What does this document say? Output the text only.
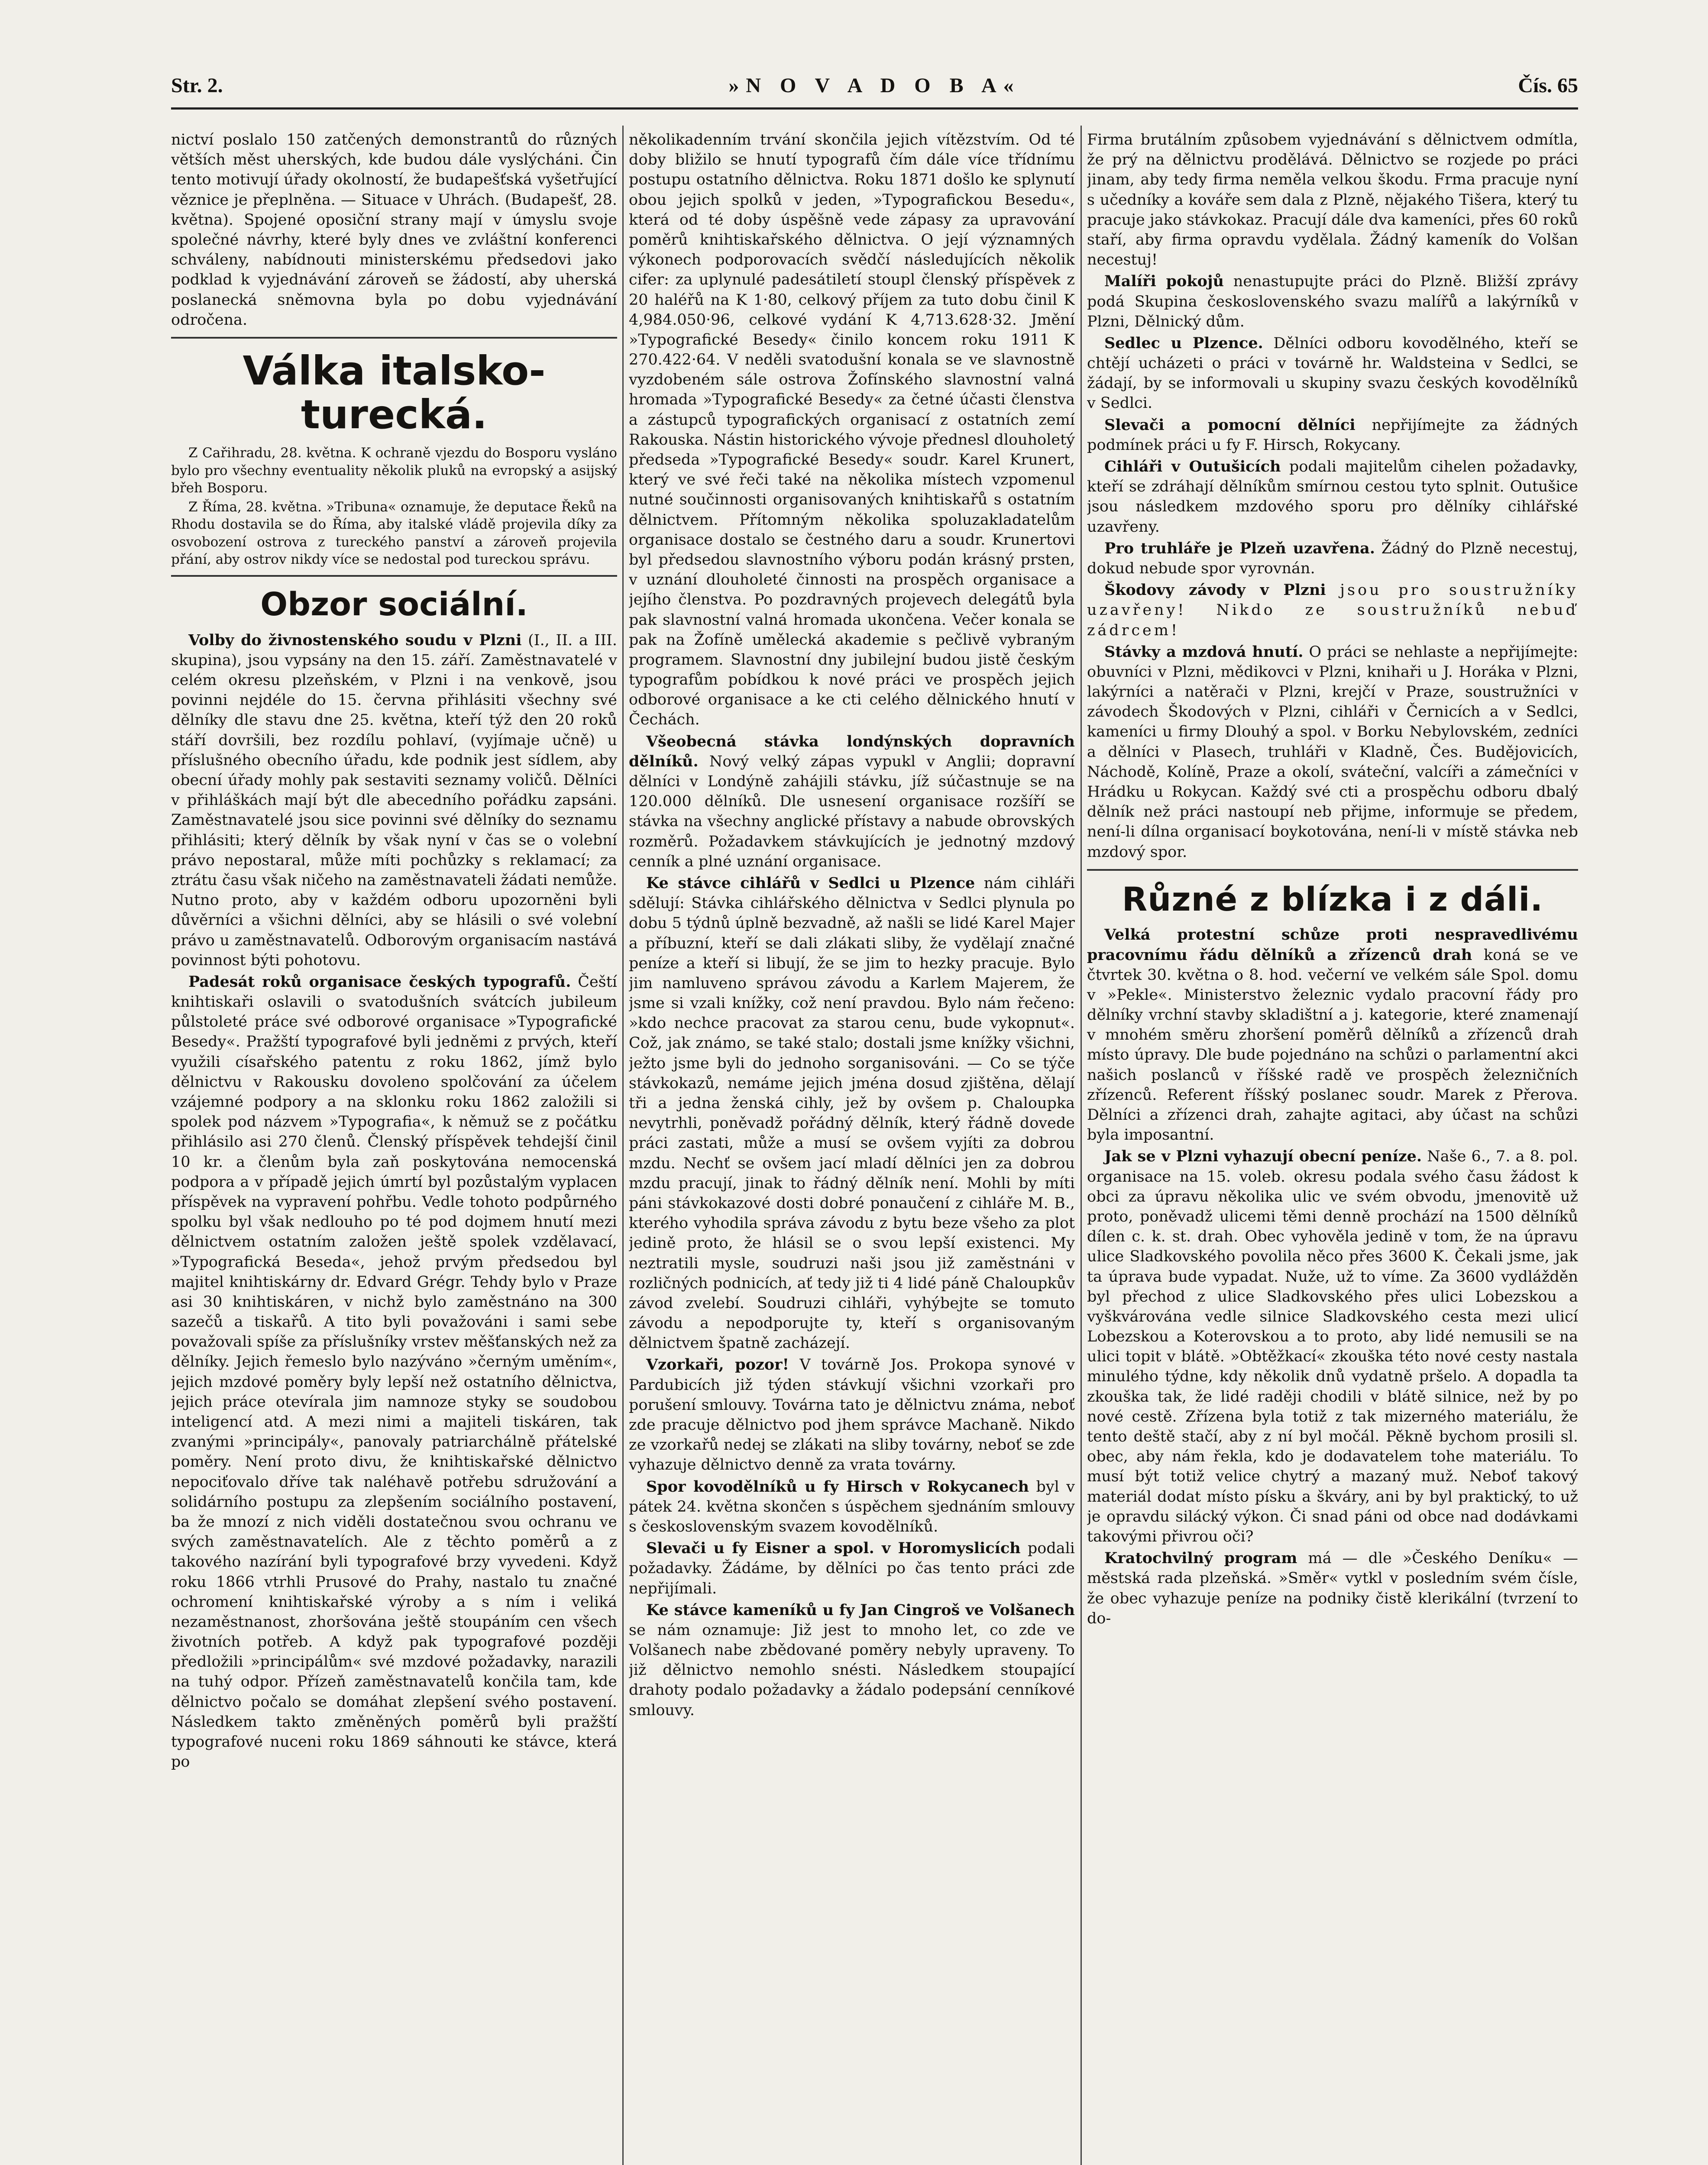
Str. 2.	»N O V A D O B A«	Čís. 65

nictví poslalo 150 zatčených demonstrantů do různých větších měst uherských, kde budou dále vyslýcháni. Čin tento motivují úřady okolností, že budapešťská vyšetřující věznice je přeplněna. — Situace v Uhrách. (Budapešť, 28. května). Spojené oposiční strany mají v úmyslu svoje společné návrhy, které byly dnes ve zvláštní konferenci schváleny, nabídnouti ministerskému předsedovi jako podklad k vyjednávání zároveň se žádostí, aby uherská poslanecká sněmovna byla po dobu vyjednávání odročena.

Válka italsko-turecká.

Z Cařihradu, 28. května. K ochraně vjezdu do Bosporu vysláno bylo pro všechny eventuality několik pluků na evropský a asijský břeh Bosporu.

Z Říma, 28. května. »Tribuna« oznamuje, že deputace Řeků na Rhodu dostavila se do Říma, aby italské vládě projevila díky za osvobození ostrova z tureckého panství a zároveň projevila přání, aby ostrov nikdy více se nedostal pod tureckou správu.

Obzor sociální.

Volby do živnostenského soudu v Plzni (I., II. a III. skupina), jsou vypsány na den 15. září. Zaměstnavatelé v celém okresu plzeňském, v Plzni i na venkově, jsou povinni nejdéle do 15. června přihlásiti všechny své dělníky dle stavu dne 25. května, kteří týž den 20 roků stáří dovršili, bez rozdílu pohlaví, (vyjímaje učně) u příslušného obecního úřadu, kde podnik jest sídlem, aby obecní úřady mohly pak sestaviti seznamy voličů. Dělníci v přihláškách mají být dle abecedního pořádku zapsáni. Zaměstnavatelé jsou sice povinni své dělníky do seznamu přihlásiti; který dělník by však nyní v čas se o volební právo nepostaral, může míti pochůzky s reklamací; za ztrátu času však ničeho na zaměstnavateli žádati nemůže. Nutno proto, aby v každém odboru upozorněni byli důvěrníci a všichni dělníci, aby se hlásili o své volební právo u zaměstnavatelů. Odborovým organisacím nastává povinnost býti pohotovu.

Padesát roků organisace českých typografů. Čeští knihtiskaři oslavili o svatodušních svátcích jubileum půlstoleté práce své odborové organisace »Typografické Besedy«. Pražští typografové byli jedněmi z prvých, kteří využili císařského patentu z roku 1862, jímž bylo dělnictvu v Rakousku dovoleno spolčování za účelem vzájemné podpory a na sklonku roku 1862 založili si spolek pod názvem »Typografia«, k němuž se z počátku přihlásilo asi 270 členů. Členský příspěvek tehdejší činil 10 kr. a členům byla zaň poskytována nemocenská podpora a v případě jejich úmrtí byl pozůstalým vyplacen příspěvek na vypravení pohřbu. Vedle tohoto podpůrného spolku byl však nedlouho po té pod dojmem hnutí mezi dělnictvem ostatním založen ještě spolek vzdělavací, »Typografická Beseda«, jehož prvým předsedou byl majitel knihtiskárny dr. Edvard Grégr. Tehdy bylo v Praze asi 30 knihtiskáren, v nichž bylo zaměstnáno na 300 sazečů a tiskařů. A tito byli považováni i sami sebe považovali spíše za příslušníky vrstev měšťanských než za dělníky. Jejich řemeslo bylo nazýváno »černým uměním«, jejich mzdové poměry byly lepší než ostatního dělnictva, jejich práce otevírala jim namnoze styky se soudobou inteligencí atd. A mezi nimi a majiteli tiskáren, tak zvanými »principály«, panovaly patriarchálně přátelské poměry. Není proto divu, že knihtiskařské dělnictvo nepociťovalo dříve tak naléhavě potřebu sdružování a solidárního postupu za zlepšením sociálního postavení, ba že mnozí z nich viděli dostatečnou svou ochranu ve svých zaměstnavatelích. Ale z těchto poměrů a z takového nazírání byli typografové brzy vyvedeni. Když roku 1866 vtrhli Prusové do Prahy, nastalo tu značné ochromení knihtiskařské výroby a s ním i veliká nezaměstnanost, zhoršována ještě stoupáním cen všech životních potřeb. A když pak typografové později předložili »principálům« své mzdové požadavky, narazili na tuhý odpor. Přízeň zaměstnavatelů končila tam, kde dělnictvo počalo se domáhat zlepšení svého postavení. Následkem takto změněných poměrů byli pražští typografové nuceni roku 1869 sáhnouti ke stávce, která po

několikadenním trvání skončila jejich vítězstvím. Od té doby bližilo se hnutí typografů čím dále více třídnímu postupu ostatního dělnictva. Roku 1871 došlo ke splynutí obou jejich spolků v jeden, »Typografickou Besedu«, která od té doby úspěšně vede zápasy za upravování poměrů knihtiskařského dělnictva. O její významných výkonech podporovacích svědčí následujících několik cifer: za uplynulé padesátiletí stoupl členský příspěvek z 20 haléřů na K 1·80, celkový příjem za tuto dobu činil K 4,984.050·96, celkové vydání K 4,713.628·32. Jmění »Typografické Besedy« činilo koncem roku 1911 K 270.422·64. V neděli svatodušní konala se ve slavnostně vyzdobeném sále ostrova Žofínského slavnostní valná hromada »Typografické Besedy« za četné účasti členstva a zástupců typografických organisací z ostatních zemí Rakouska. Nástin historického vývoje přednesl dlouholetý předseda »Typografické Besedy« soudr. Karel Krunert, který ve své řeči také na několika místech vzpomenul nutné součinnosti organisovaných knihtiskařů s ostatním dělnictvem. Přítomným několika spoluzakladatelům organisace dostalo se čestného daru a soudr. Krunertovi byl předsedou slavnostního výboru podán krásný prsten, v uznání dlouholeté činnosti na prospěch organisace a jejího členstva. Po pozdravných projevech delegátů byla pak slavnostní valná hromada ukončena. Večer konala se pak na Žofíně umělecká akademie s pečlivě vybraným programem. Slavnostní dny jubilejní budou jistě českým typografům pobídkou k nové práci ve prospěch jejich odborové organisace a ke cti celého dělnického hnutí v Čechách.

Všeobecná stávka londýnských dopravních dělníků. Nový velký zápas vypukl v Anglii; dopravní dělníci v Londýně zahájili stávku, jíž súčastnuje se na 120.000 dělníků. Dle usnesení organisace rozšíří se stávka na všechny anglické přístavy a nabude obrovských rozměrů. Požadavkem stávkujících je jednotný mzdový cenník a plné uznání organisace.

Ke stávce cihlářů v Sedlci u Plzence nám cihláři sdělují: Stávka cihlářského dělnictva v Sedlci plynula po dobu 5 týdnů úplně bezvadně, až našli se lidé Karel Majer a příbuzní, kteří se dali zlákati sliby, že vydělají značné peníze a kteří si libují, že se jim to hezky pracuje. Bylo jim namluveno správou závodu a Karlem Majerem, že jsme si vzali knížky, což není pravdou. Bylo nám řečeno: »kdo nechce pracovat za starou cenu, bude vykopnut«. Což, jak známo, se také stalo; dostali jsme knížky všichni, ježto jsme byli do jednoho sorganisováni. — Co se týče stávkokazů, nemáme jejich jména dosud zjištěna, dělají tři a jedna ženská cihly, jež by ovšem p. Chaloupka nevytrhli, poněvadž pořádný dělník, který řádně dovede práci zastati, může a musí se ovšem vyjíti za dobrou mzdu. Nechť se ovšem jací mladí dělníci jen za dobrou mzdu pracují, jinak to řádný dělník není. Mohli by míti páni stávkokazové dosti dobré ponaučení z cihláře M. B., kterého vyhodila správa závodu z bytu beze všeho za plot jedině proto, že hlásil se o svou lepší existenci. My neztratili mysle, soudruzi naši jsou již zaměstnáni v rozličných podnicích, ať tedy již ti 4 lidé páně Chaloupkův závod zvelebí. Soudruzi cihláři, vyhýbejte se tomuto závodu a nepodporujte ty, kteří s organisovaným dělnictvem špatně zacházejí.

Vzorkaři, pozor! V továrně Jos. Prokopa synové v Pardubicích již týden stávkují všichni vzorkaři pro porušení smlouvy. Továrna tato je dělnictvu známa, neboť zde pracuje dělnictvo pod jhem správce Machaně. Nikdo ze vzorkařů nedej se zlákati na sliby továrny, neboť se zde vyhazuje dělnictvo denně za vrata továrny.

Spor kovodělníků u fy Hirsch v Rokycanech byl v pátek 24. května skončen s úspěchem sjednáním smlouvy s československým svazem kovodělníků.

Slevači u fy Eisner a spol. v Horomyslicích podali požadavky. Žádáme, by dělníci po čas tento práci zde nepřijímali.

Ke stávce kameníků u fy Jan Cingroš ve Volšanech se nám oznamuje: Již jest to mnoho let, co zde ve Volšanech nabe zbědované poměry nebyly upraveny. To již dělnictvo nemohlo snésti. Následkem stoupající drahoty podalo požadavky a žádalo podepsání cenníkové smlouvy.

Firma brutálním způsobem vyjednávání s dělnictvem odmítla, že prý na dělnictvu prodělává. Dělnictvo se rozjede po práci jinam, aby tedy firma neměla velkou škodu. Frma pracuje nyní s učedníky a kováře sem dala z Plzně, nějakého Tišera, který tu pracuje jako stávkokaz. Pracují dále dva kameníci, přes 60 roků staří, aby firma opravdu vydělala. Žádný kameník do Volšan necestuj!

Malíři pokojů nenastupujte práci do Plzně. Bližší zprávy podá Skupina československého svazu malířů a lakýrníků v Plzni, Dělnický dům.

Sedlec u Plzence. Dělníci odboru kovodělného, kteří se chtějí ucházeti o práci v továrně hr. Waldsteina v Sedlci, se žádají, by se informovali u skupiny svazu českých kovodělníků v Sedlci.

Slevači a pomocní dělníci nepřijímejte za žádných podmínek práci u fy F. Hirsch, Rokycany.

Cihláři v Outušicích podali majitelům cihelen požadavky, kteří se zdráhají dělníkům smírnou cestou tyto splnit. Outušice jsou následkem mzdového sporu pro dělníky cihlářské uzavřeny.

Pro truhláře je Plzeň uzavřena. Žádný do Plzně necestuj, dokud nebude spor vyrovnán.

Škodovy závody v Plzni jsou pro soustružníky uzavřeny! Nikdo ze soustružníků nebuď zádrcem!

Stávky a mzdová hnutí. O práci se nehlaste a nepřijímejte: obuvníci v Plzni, mědikovci v Plzni, knihaři u J. Horáka v Plzni, lakýrníci a natěrači v Plzni, krejčí v Praze, soustružníci v závodech Škodových v Plzni, cihláři v Černicích a v Sedlci, kameníci u firmy Dlouhý a spol. v Borku Nebylovském, zedníci a dělníci v Plasech, truhláři v Kladně, Čes. Budějovicích, Náchodě, Kolíně, Praze a okolí, sváteční, valcíři a zámečníci v Hrádku u Rokycan. Každý své cti a prospěchu odboru dbalý dělník než práci nastoupí neb přijme, informuje se předem, není-li dílna organisací boykotována, není-li v místě stávka neb mzdový spor.

Různé z blízka i z dáli.

Velká protestní schůze proti nespravedlivému pracovnímu řádu dělníků a zřízenců drah koná se ve čtvrtek 30. května o 8. hod. večerní ve velkém sále Spol. domu v »Pekle«. Ministerstvo železnic vydalo pracovní řády pro dělníky vrchní stavby skladištní a j. kategorie, které znamenají v mnohém směru zhoršení poměrů dělníků a zřízenců drah místo úpravy. Dle bude pojednáno na schůzi o parlamentní akci našich poslanců v říšské radě ve prospěch železničních zřízenců. Referent říšský poslanec soudr. Marek z Přerova. Dělníci a zřízenci drah, zahajte agitaci, aby účast na schůzi byla imposantní.

Jak se v Plzni vyhazují obecní peníze. Naše 6., 7. a 8. pol. organisace na 15. voleb. okresu podala svého času žádost k obci za úpravu několika ulic ve svém obvodu, jmenovitě už proto, poněvadž ulicemi těmi denně prochází na 1500 dělníků dílen c. k. st. drah. Obec vyhověla jedině v tom, že na úpravu ulice Sladkovského povolila něco přes 3600 K. Čekali jsme, jak ta úprava bude vypadat. Nuže, už to víme. Za 3600 vydlážděn byl přechod z ulice Sladkovského přes ulici Lobezskou a vyškvárována vedle silnice Sladkovského cesta mezi ulicí Lobezskou a Koterovskou a to proto, aby lidé nemusili se na ulici topit v blátě. »Obtěžkací« zkouška této nové cesty nastala minulého týdne, kdy několik dnů vydatně pršelo. A dopadla ta zkouška tak, že lidé raději chodili v blátě silnice, než by po nové cestě. Zřízena byla totiž z tak mizerného materiálu, že tento deště stačí, aby z ní byl močál. Pěkně bychom prosili sl. obec, aby nám řekla, kdo je dodavatelem tohe materiálu. To musí být totiž velice chytrý a mazaný muž. Neboť takový materiál dodat místo písku a škváry, ani by byl praktický, to už je opravdu silácký výkon. Či snad páni od obce nad dodávkami takovými přivrou oči?

Kratochvilný program má — dle »Českého Deníku« — městská rada plzeňská. »Směr« vytkl v posledním svém čísle, že obec vyhazuje peníze na podniky čistě klerikální (tvrzení to do-
